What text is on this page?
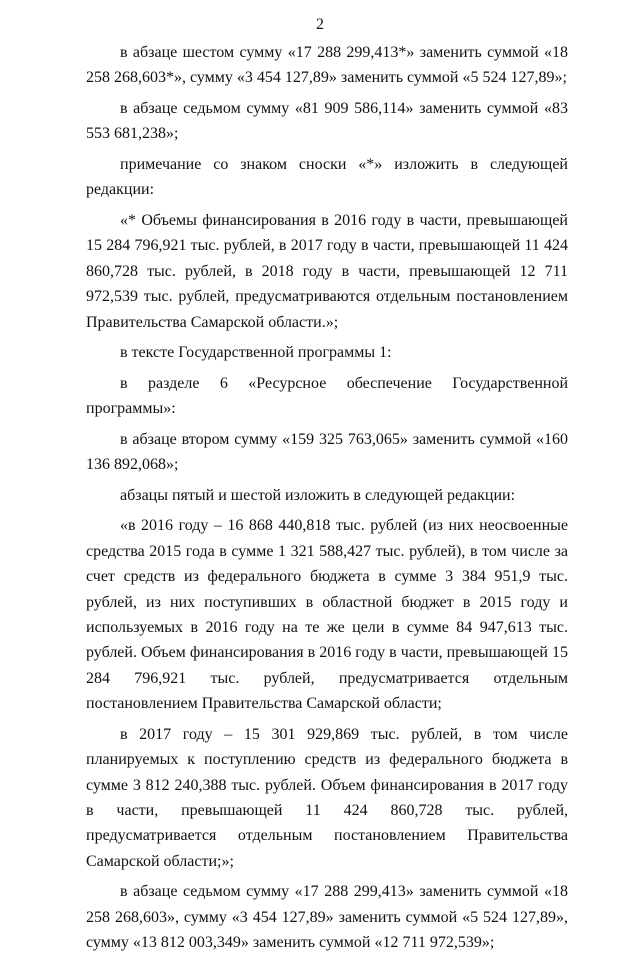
2

в абзаце шестом сумму «17 288 299,413*» заменить суммой «18 258 268,603*», сумму «3 454 127,89» заменить суммой «5 524 127,89»;

в абзаце седьмом сумму «81 909 586,114» заменить суммой «83 553 681,238»;

примечание со знаком сноски «*» изложить в следующей редакции:

«* Объемы финансирования в 2016 году в части, превышающей 15 284 796,921 тыс. рублей, в 2017 году в части, превышающей 11 424 860,728 тыс. рублей, в 2018 году в части, превышающей 12 711 972,539 тыс. рублей, предусматриваются отдельным постановлением Правительства Самарской области.»;

в тексте Государственной программы 1:

в разделе 6 «Ресурсное обеспечение Государственной программы»:

в абзаце втором сумму «159 325 763,065» заменить суммой «160 136 892,068»;

абзацы пятый и шестой изложить в следующей редакции:

«в 2016 году – 16 868 440,818 тыс. рублей (из них неосвоенные средства 2015 года в сумме 1 321 588,427 тыс. рублей), в том числе за счет средств из федерального бюджета в сумме 3 384 951,9 тыс. рублей, из них поступивших в областной бюджет в 2015 году и используемых в 2016 году на те же цели в сумме 84 947,613 тыс. рублей. Объем финансирования в 2016 году в части, превышающей 15 284 796,921 тыс. рублей, предусматривается отдельным постановлением Правительства Самарской области;

в 2017 году – 15 301 929,869 тыс. рублей, в том числе планируемых к поступлению средств из федерального бюджета в сумме 3 812 240,388 тыс. рублей. Объем финансирования в 2017 году в части, превышающей 11 424 860,728 тыс. рублей, предусматривается отдельным постановлением Правительства Самарской области;»;

в абзаце седьмом сумму «17 288 299,413» заменить суммой «18 258 268,603», сумму «3 454 127,89» заменить суммой «5 524 127,89», сумму «13 812 003,349» заменить суммой «12 711 972,539»;
